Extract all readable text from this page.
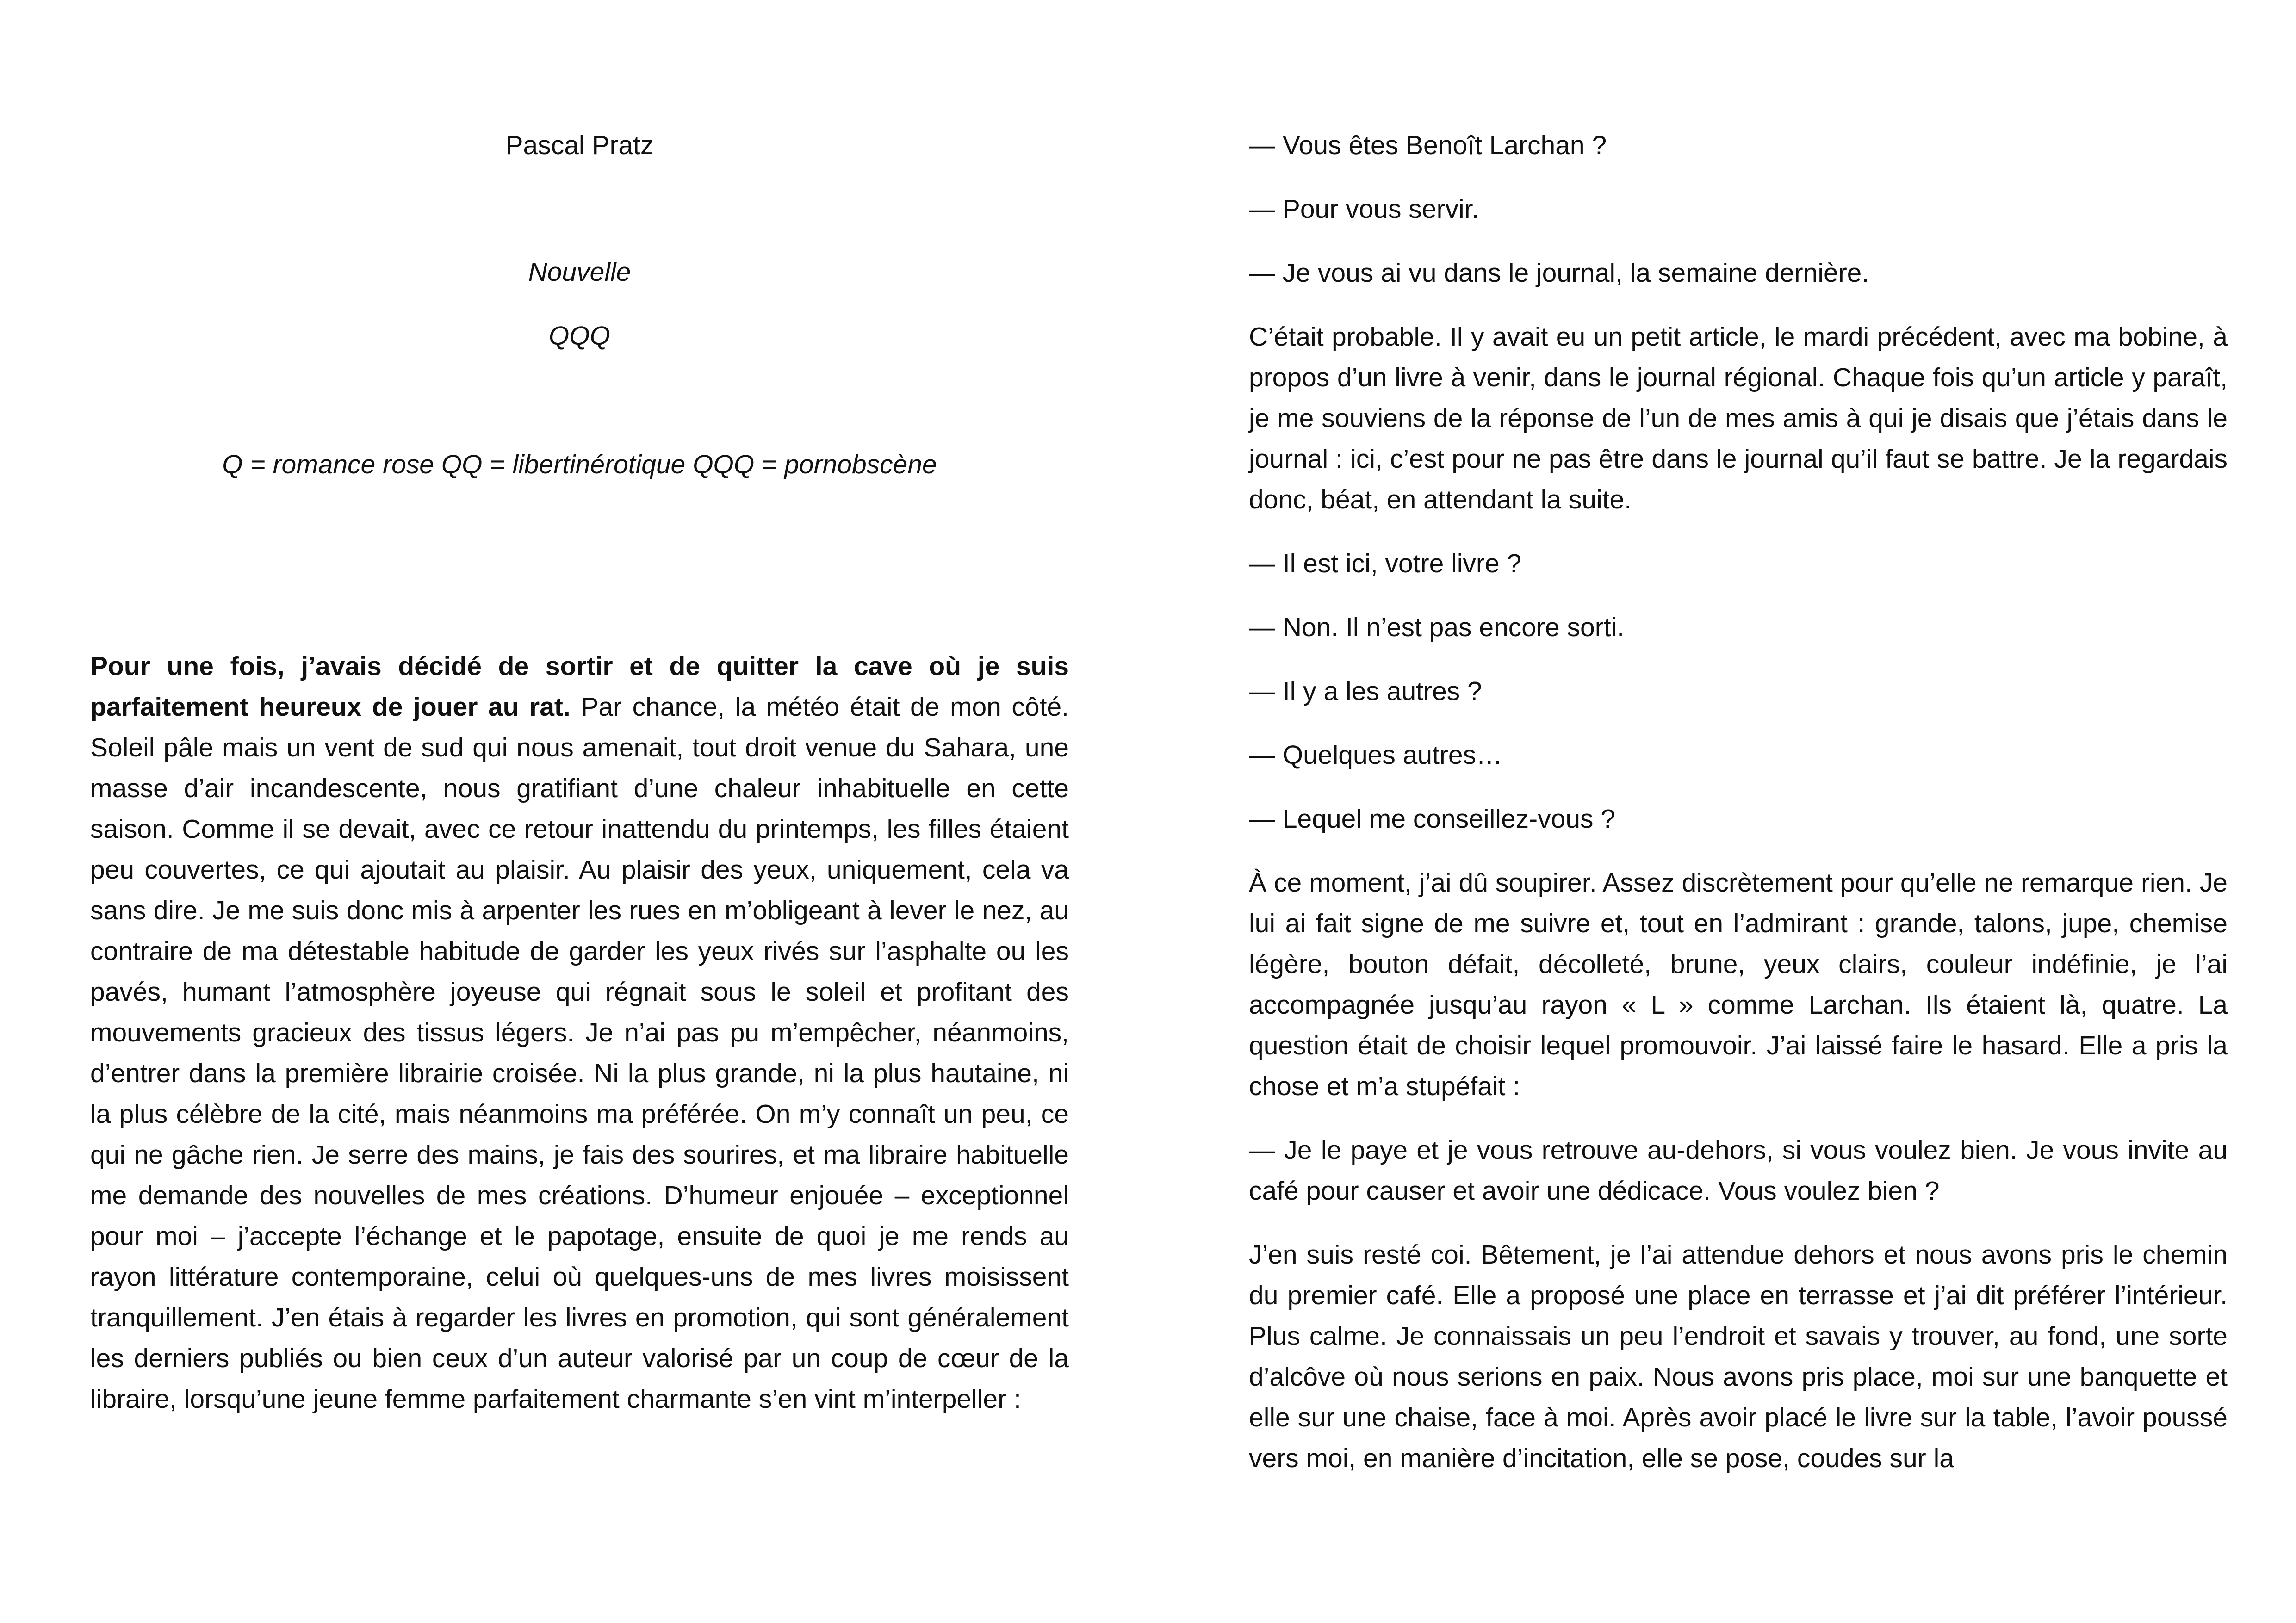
Pascal Pratz

Nouvelle

QQQ

Q = romance rose QQ = libertinérotique QQQ = pornobscène

Pour une fois, j’avais décidé de sortir et de quitter la cave où je suis parfaitement heureux de jouer au rat. Par chance, la météo était de mon côté. Soleil pâle mais un vent de sud qui nous amenait, tout droit venue du Sahara, une masse d’air incandescente, nous gratifiant d’une chaleur inhabituelle en cette saison. Comme il se devait, avec ce retour inattendu du printemps, les filles étaient peu couvertes, ce qui ajoutait au plaisir. Au plaisir des yeux, uniquement, cela va sans dire. Je me suis donc mis à arpenter les rues en m’obligeant à lever le nez, au contraire de ma détestable habitude de garder les yeux rivés sur l’asphalte ou les pavés, humant l’atmosphère joyeuse qui régnait sous le soleil et profitant des mouvements gracieux des tissus légers. Je n’ai pas pu m’empêcher, néanmoins, d’entrer dans la première librairie croisée. Ni la plus grande, ni la plus hautaine, ni la plus célèbre de la cité, mais néanmoins ma préférée. On m’y connaît un peu, ce qui ne gâche rien. Je serre des mains, je fais des sourires, et ma libraire habituelle me demande des nouvelles de mes créations. D’humeur enjouée – exceptionnel pour moi – j’accepte l’échange et le papotage, ensuite de quoi je me rends au rayon littérature contemporaine, celui où quelques-uns de mes livres moisissent tranquillement. J’en étais à regarder les livres en promotion, qui sont généralement les derniers publiés ou bien ceux d’un auteur valorisé par un coup de cœur de la libraire, lorsqu’une jeune femme parfaitement charmante s’en vint m’interpeller :

— Vous êtes Benoît Larchan ?

— Pour vous servir.

— Je vous ai vu dans le journal, la semaine dernière.

C’était probable. Il y avait eu un petit article, le mardi précédent, avec ma bobine, à propos d’un livre à venir, dans le journal régional. Chaque fois qu’un article y paraît, je me souviens de la réponse de l’un de mes amis à qui je disais que j’étais dans le journal : ici, c’est pour ne pas être dans le journal qu’il faut se battre. Je la regardais donc, béat, en attendant la suite.

— Il est ici, votre livre ?

— Non. Il n’est pas encore sorti.

— Il y a les autres ?

— Quelques autres…

— Lequel me conseillez-vous ?

À ce moment, j’ai dû soupirer. Assez discrètement pour qu’elle ne remarque rien. Je lui ai fait signe de me suivre et, tout en l’admirant : grande, talons, jupe, chemise légère, bouton défait, décolleté, brune, yeux clairs, couleur indéfinie, je l’ai accompagnée jusqu’au rayon « L » comme Larchan. Ils étaient là, quatre. La question était de choisir lequel promouvoir. J’ai laissé faire le hasard. Elle a pris la chose et m’a stupéfait :

— Je le paye et je vous retrouve au-dehors, si vous voulez bien. Je vous invite au café pour causer et avoir une dédicace. Vous voulez bien ?

J’en suis resté coi. Bêtement, je l’ai attendue dehors et nous avons pris le chemin du premier café. Elle a proposé une place en terrasse et j’ai dit préférer l’intérieur. Plus calme. Je connaissais un peu l’endroit et savais y trouver, au fond, une sorte d’alcôve où nous serions en paix. Nous avons pris place, moi sur une banquette et elle sur une chaise, face à moi. Après avoir placé le livre sur la table, l’avoir poussé vers moi, en manière d’incitation, elle se pose, coudes sur la
